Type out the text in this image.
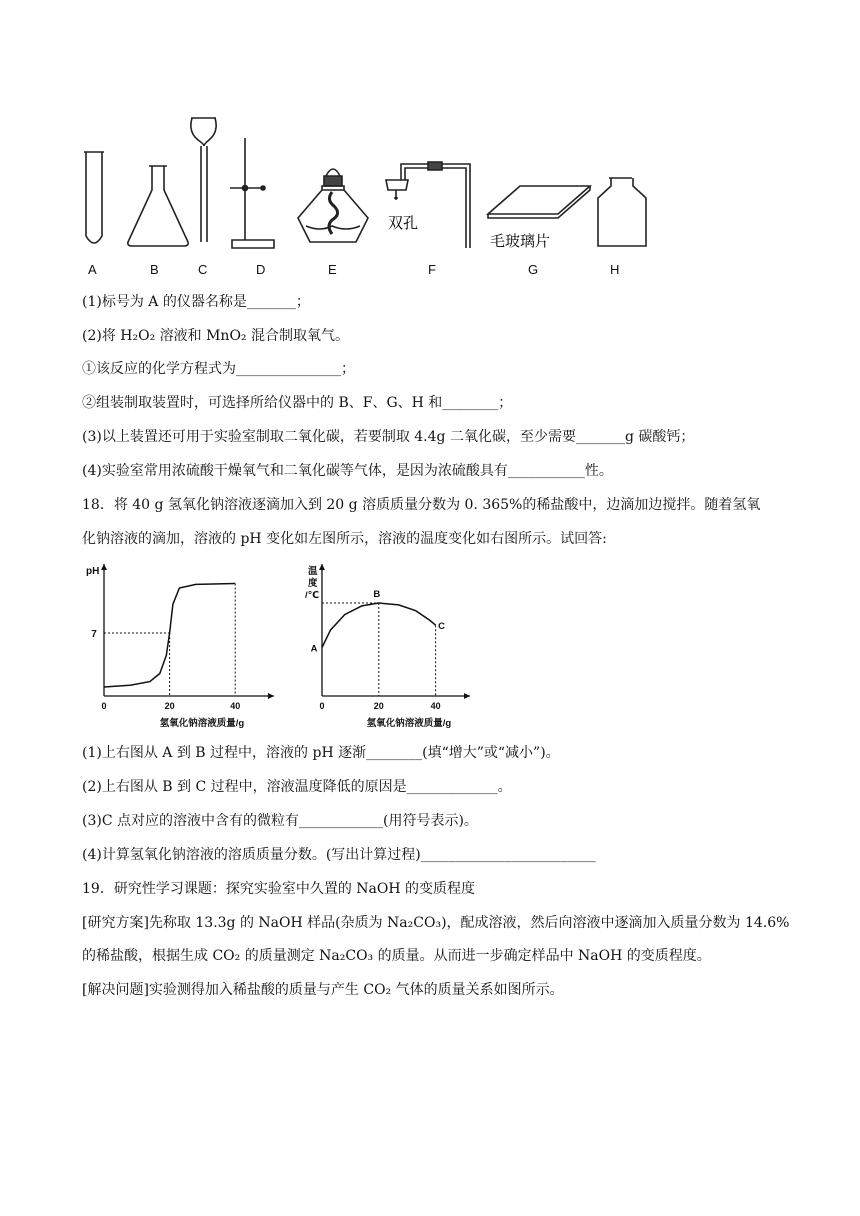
双孔
毛玻璃片
A	B	C	D	E	F	G	H
(1)标号为 A 的仪器名称是_______；
(2)将 H₂O₂ 溶液和 MnO₂ 混合制取氧气。
①该反应的化学方程式为_______________；
②组装制取装置时，可选择所给仪器中的 B、F、G、H 和________；
(3)以上装置还可用于实验室制取二氧化碳，若要制取 4.4g 二氧化碳，至少需要_______g 碳酸钙；
(4)实验室常用浓硫酸干燥氧气和二氧化碳等气体，是因为浓硫酸具有___________性。
18．将 40 g 氢氧化钠溶液逐滴加入到 20 g 溶质质量分数为 0. 365%的稀盐酸中，边滴加边搅拌。随着氢氧
化钠溶液的滴加，溶液的 pH 变化如左图所示，溶液的温度变化如右图所示。试回答:
0	20	40
氢氧化钠溶液质量/g
pH
7
0	20	40
氢氧化钠溶液质量/g
温
度
/℃
A
B
C
(1)上右图从 A 到 B 过程中，溶液的 pH 逐渐________(填“增大”或“减小”)。
(2)上右图从 B 到 C 过程中，溶液温度降低的原因是_____________。
(3)C 点对应的溶液中含有的微粒有____________(用符号表示)。
(4)计算氢氧化钠溶液的溶质质量分数。(写出计算过程)_________________________
19．研究性学习课题：探究实验室中久置的 NaOH 的变质程度
[研究方案]先称取 13.3g 的 NaOH 样品(杂质为 Na₂CO₃)，配成溶液，然后向溶液中逐滴加入质量分数为 14.6%
的稀盐酸，根据生成 CO₂ 的质量测定 Na₂CO₃ 的质量。从而进一步确定样品中 NaOH 的变质程度。
[解决问题]实验测得加入稀盐酸的质量与产生 CO₂ 气体的质量关系如图所示。
